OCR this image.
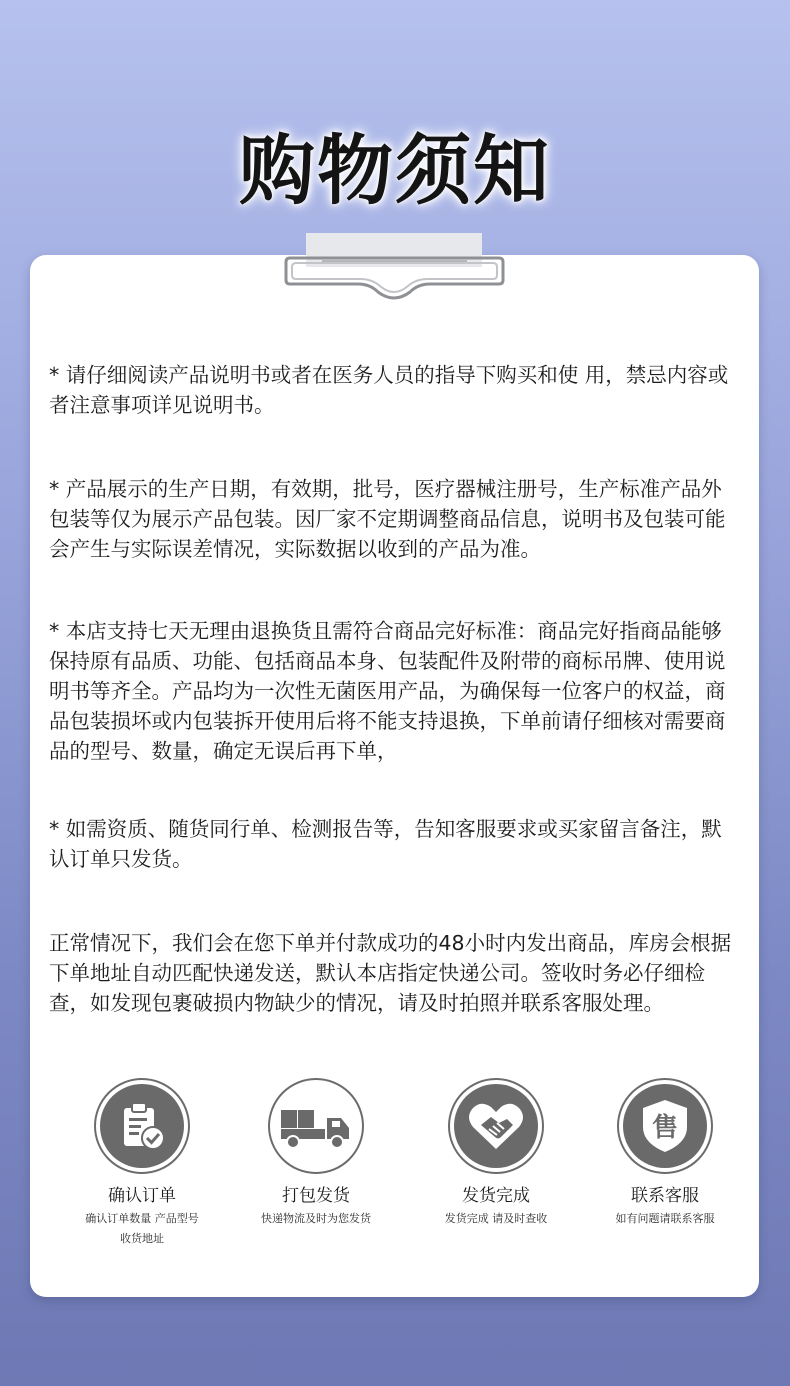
购物须知

* 请仔细阅读产品说明书或者在医务人员的指导下购买和使 用，禁忌内容或者注意事项详见说明书。

* 产品展示的生产日期，有效期，批号，医疗器械注册号，生产标准产品外包装等仅为展示产品包装。因厂家不定期调整商品信息，说明书及包装可能会产生与实际误差情况，实际数据以收到的产品为准。

* 本店支持七天无理由退换货且需符合商品完好标准：商品完好指商品能够保持原有品质、功能、包括商品本身、包装配件及附带的商标吊牌、使用说明书等齐全。产品均为一次性无菌医用产品，为确保每一位客户的权益，商品包装损坏或内包装拆开使用后将不能支持退换，下单前请仔细核对需要商品的型号、数量，确定无误后再下单，

* 如需资质、随货同行单、检测报告等，告知客服要求或买家留言备注，默认订单只发货。

正常情况下，我们会在您下单并付款成功的48小时内发出商品，库房会根据下单地址自动匹配快递发送，默认本店指定快递公司。签收时务必仔细检查，如发现包裹破损内物缺少的情况，请及时拍照并联系客服处理。

确认订单
确认订单数量 产品型号
收货地址
打包发货
快递物流及时为您发货
发货完成
发货完成 请及时查收
售
联系客服
如有问题请联系客服
